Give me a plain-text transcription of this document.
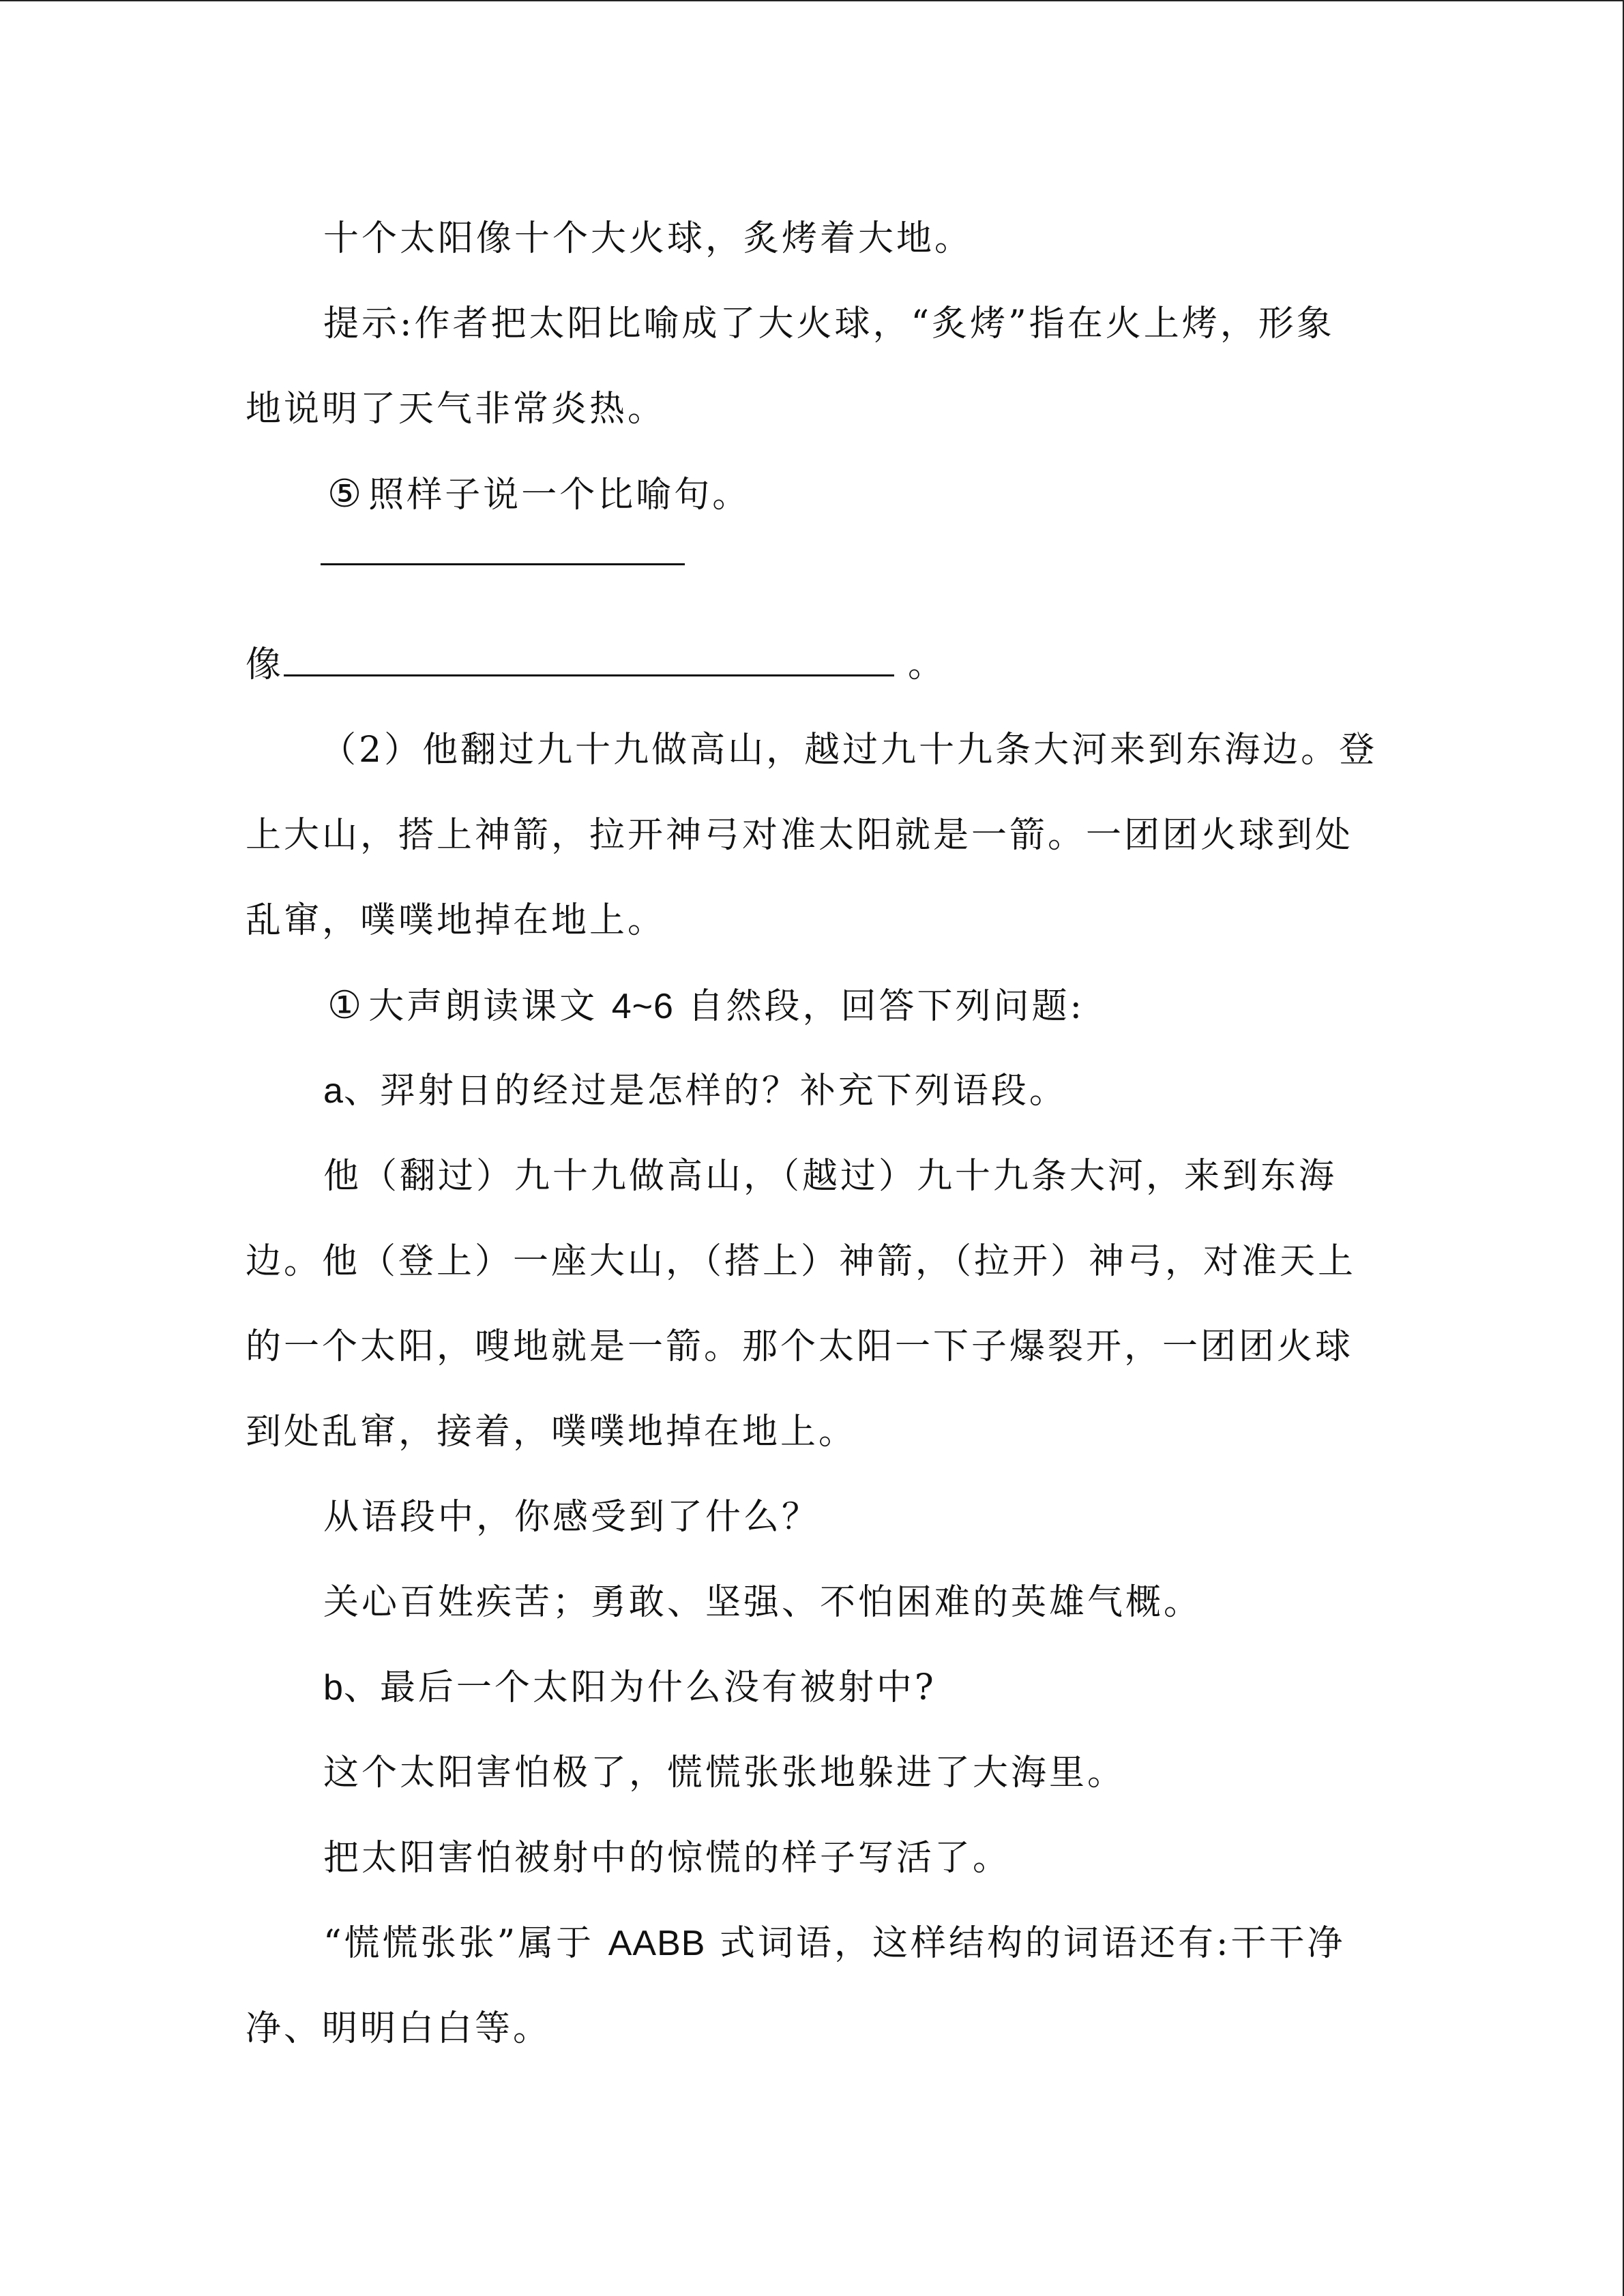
十个太阳像十个大火球，炙烤着大地。
提示:作者把太阳比喻成了大火球，“炙烤”指在火上烤，形象
地说明了天气非常炎热。
⑤ 照样子说一个比喻句。
像	。
（2）他翻过九十九做高山，越过九十九条大河来到东海边。登
上大山，搭上神箭，拉开神弓对准太阳就是一箭。一团团火球到处
乱窜，噗噗地掉在地上。
① 大声朗读课文 4~6 自然段，回答下列问题:
a、羿射日的经过是怎样的？补充下列语段。
他（翻过）九十九做高山，（越过）九十九条大河，来到东海
边。他（登上）一座大山，（搭上）神箭，（拉开）神弓，对准天上
的一个太阳，嗖地就是一箭。那个太阳一下子爆裂开，一团团火球
到处乱窜，接着，噗噗地掉在地上。
从语段中，你感受到了什么？
关心百姓疾苦；勇敢、坚强、不怕困难的英雄气概。
b、最后一个太阳为什么没有被射中?
这个太阳害怕极了，慌慌张张地躲进了大海里。
把太阳害怕被射中的惊慌的样子写活了。
“慌慌张张”属于 AABB 式词语，这样结构的词语还有:干干净
净、明明白白等。
